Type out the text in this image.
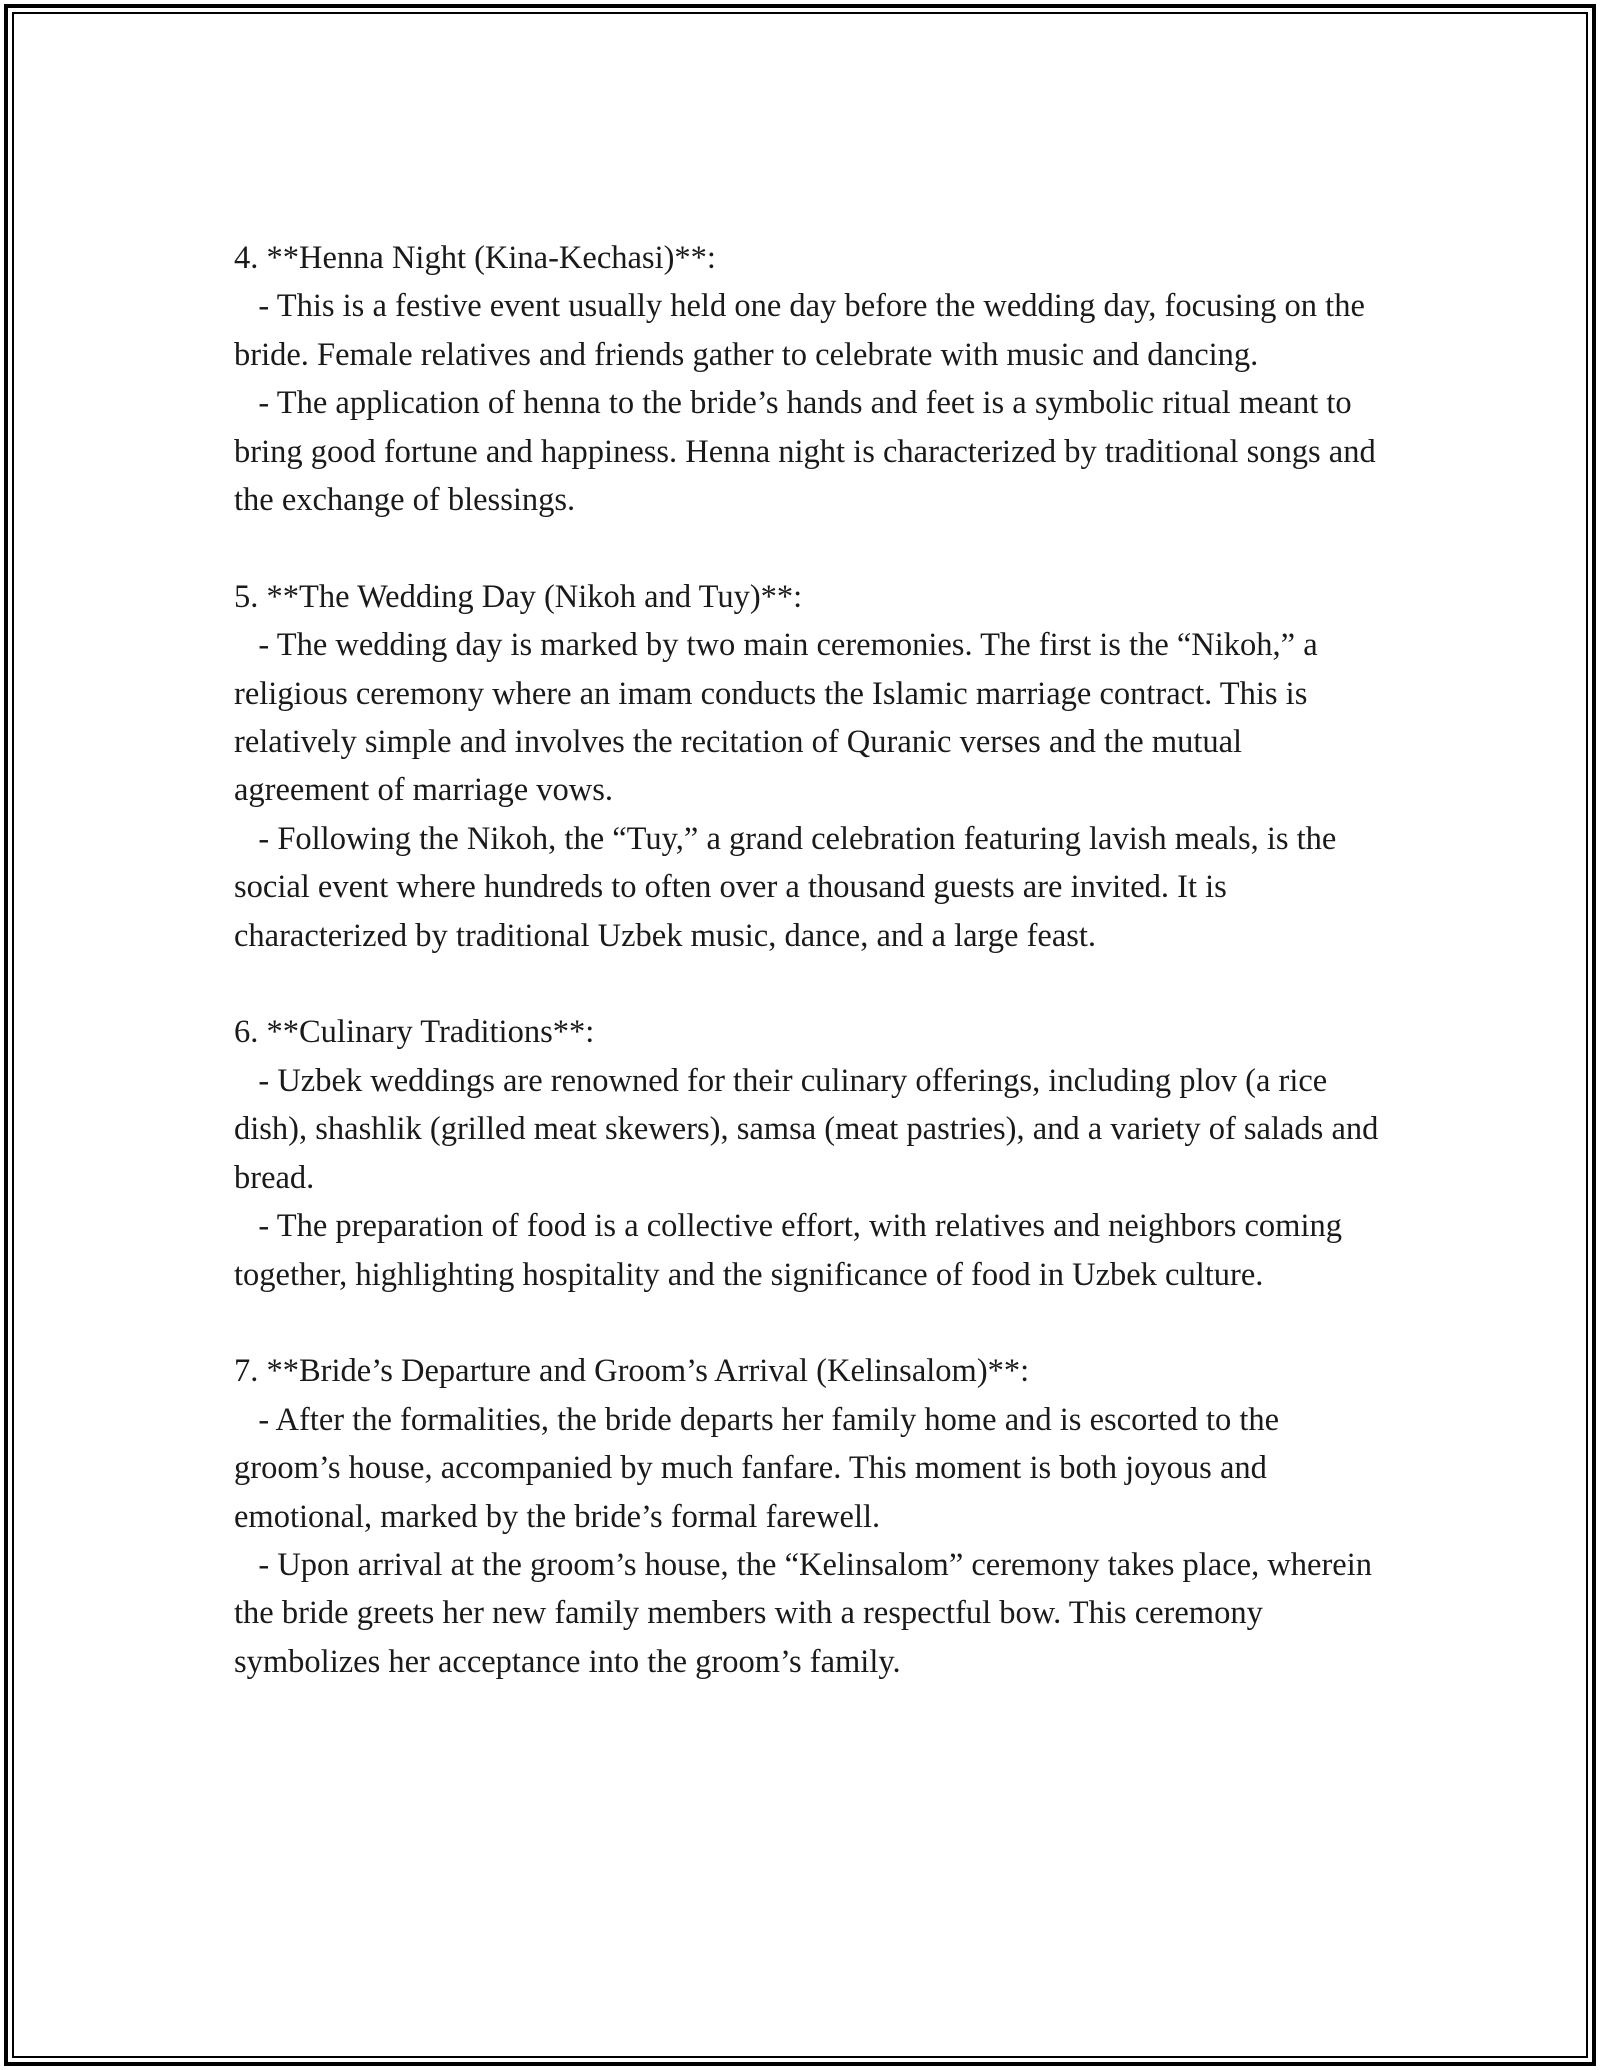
4. **Henna Night (Kina-Kechasi)**:

- This is a festive event usually held one day before the wedding day, focusing on the bride. Female relatives and friends gather to celebrate with music and dancing.

- The application of henna to the bride’s hands and feet is a symbolic ritual meant to bring good fortune and happiness. Henna night is characterized by traditional songs and the exchange of blessings.

5. **The Wedding Day (Nikoh and Tuy)**:

- The wedding day is marked by two main ceremonies. The first is the “Nikoh,” a religious ceremony where an imam conducts the Islamic marriage contract. This is relatively simple and involves the recitation of Quranic verses and the mutual agreement of marriage vows.

- Following the Nikoh, the “Tuy,” a grand celebration featuring lavish meals, is the social event where hundreds to often over a thousand guests are invited. It is characterized by traditional Uzbek music, dance, and a large feast.

6. **Culinary Traditions**:

- Uzbek weddings are renowned for their culinary offerings, including plov (a rice dish), shashlik (grilled meat skewers), samsa (meat pastries), and a variety of salads and bread.

- The preparation of food is a collective effort, with relatives and neighbors coming together, highlighting hospitality and the significance of food in Uzbek culture.

7. **Bride’s Departure and Groom’s Arrival (Kelinsalom)**:

- After the formalities, the bride departs her family home and is escorted to the groom’s house, accompanied by much fanfare. This moment is both joyous and emotional, marked by the bride’s formal farewell.

- Upon arrival at the groom’s house, the “Kelinsalom” ceremony takes place, wherein the bride greets her new family members with a respectful bow. This ceremony symbolizes her acceptance into the groom’s family.
